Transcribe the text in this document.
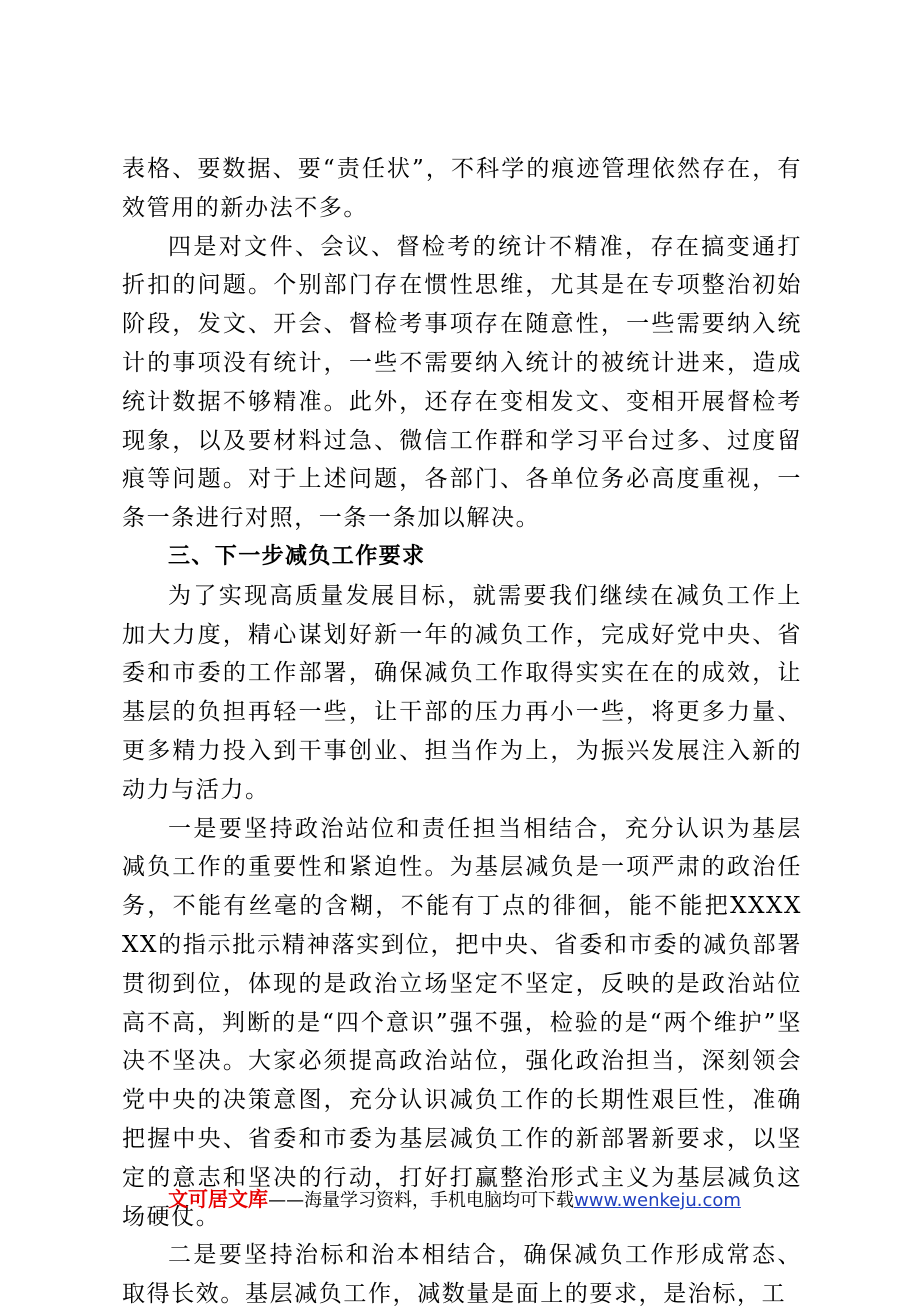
表格、要数据、要“责任状”，不科学的痕迹管理依然存在，有效管用的新办法不多。

四是对文件、会议、督检考的统计不精准，存在搞变通打折扣的问题。个别部门存在惯性思维，尤其是在专项整治初始阶段，发文、开会、督检考事项存在随意性，一些需要纳入统计的事项没有统计，一些不需要纳入统计的被统计进来，造成统计数据不够精准。此外，还存在变相发文、变相开展督检考现象，以及要材料过急、微信工作群和学习平台过多、过度留痕等问题。对于上述问题，各部门、各单位务必高度重视，一条一条进行对照，一条一条加以解决。

三、下一步减负工作要求

为了实现高质量发展目标，就需要我们继续在减负工作上加大力度，精心谋划好新一年的减负工作，完成好党中央、省委和市委的工作部署，确保减负工作取得实实在在的成效，让基层的负担再轻一些，让干部的压力再小一些，将更多力量、更多精力投入到干事创业、担当作为上，为振兴发展注入新的动力与活力。

一是要坚持政治站位和责任担当相结合，充分认识为基层减负工作的重要性和紧迫性。为基层减负是一项严肃的政治任务，不能有丝毫的含糊，不能有丁点的徘徊，能不能把XXXXXX的指示批示精神落实到位，把中央、省委和市委的减负部署贯彻到位，体现的是政治立场坚定不坚定，反映的是政治站位高不高，判断的是“四个意识”强不强，检验的是“两个维护”坚决不坚决。大家必须提高政治站位，强化政治担当，深刻领会党中央的决策意图，充分认识减负工作的长期性艰巨性，准确把握中央、省委和市委为基层减负工作的新部署新要求，以坚定的意志和坚决的行动，打好打赢整治形式主义为基层减负这场硬仗。

二是要坚持治标和治本相结合，确保减负工作形成常态、取得长效。基层减负工作，减数量是面上的要求，是治标，工

文可居文库——海量学习资料，手机电脑均可下载www.wenkeju.com
